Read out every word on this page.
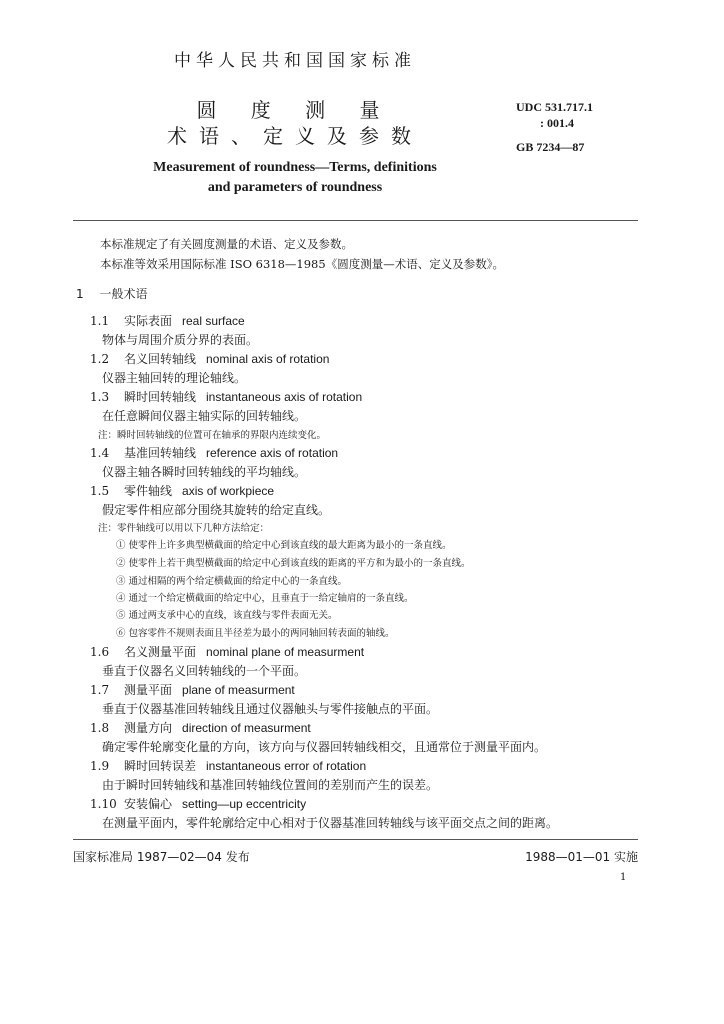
中华人民共和国国家标准
圆 度 测 量
术语、定义及参数
UDC 531.717.1
: 001.4
GB 7234—87
Measurement of roundness—Terms, definitions
and parameters of roundness
本标准规定了有关圆度测量的术语、定义及参数。
本标准等效采用国际标准 ISO 6318—1985《圆度测量—术语、定义及参数》。
1 一般术语
1.1 实际表面 real surface
物体与周围介质分界的表面。
1.2 名义回转轴线 nominal axis of rotation
仪器主轴回转的理论轴线。
1.3 瞬时回转轴线 instantaneous axis of rotation
在任意瞬间仪器主轴实际的回转轴线。
注：瞬时回转轴线的位置可在轴承的界限内连续变化。
1.4 基准回转轴线 reference axis of rotation
仪器主轴各瞬时回转轴线的平均轴线。
1.5 零件轴线 axis of workpiece
假定零件相应部分围绕其旋转的给定直线。
注：零件轴线可以用以下几种方法给定：
① 使零件上许多典型横截面的给定中心到该直线的最大距离为最小的一条直线。
② 使零件上若干典型横截面的给定中心到该直线的距离的平方和为最小的一条直线。
③ 通过相隔的两个给定横截面的给定中心的一条直线。
④ 通过一个给定横截面的给定中心，且垂直于一给定轴肩的一条直线。
⑤ 通过两支承中心的直线，该直线与零件表面无关。
⑥ 包容零件不规则表面且半径差为最小的两同轴回转表面的轴线。
1.6 名义测量平面 nominal plane of measurment
垂直于仪器名义回转轴线的一个平面。
1.7 测量平面 plane of measurment
垂直于仪器基准回转轴线且通过仪器触头与零件接触点的平面。
1.8 测量方向 direction of measurment
确定零件轮廓变化量的方向，该方向与仪器回转轴线相交，且通常位于测量平面内。
1.9 瞬时回转误差 instantaneous error of rotation
由于瞬时回转轴线和基准回转轴线位置间的差别而产生的误差。
1.10 安装偏心 setting—up eccentricity
在测量平面内，零件轮廓给定中心相对于仪器基准回转轴线与该平面交点之间的距离。
国家标准局 1987—02—04 发布	1988—01—01 实施
1
